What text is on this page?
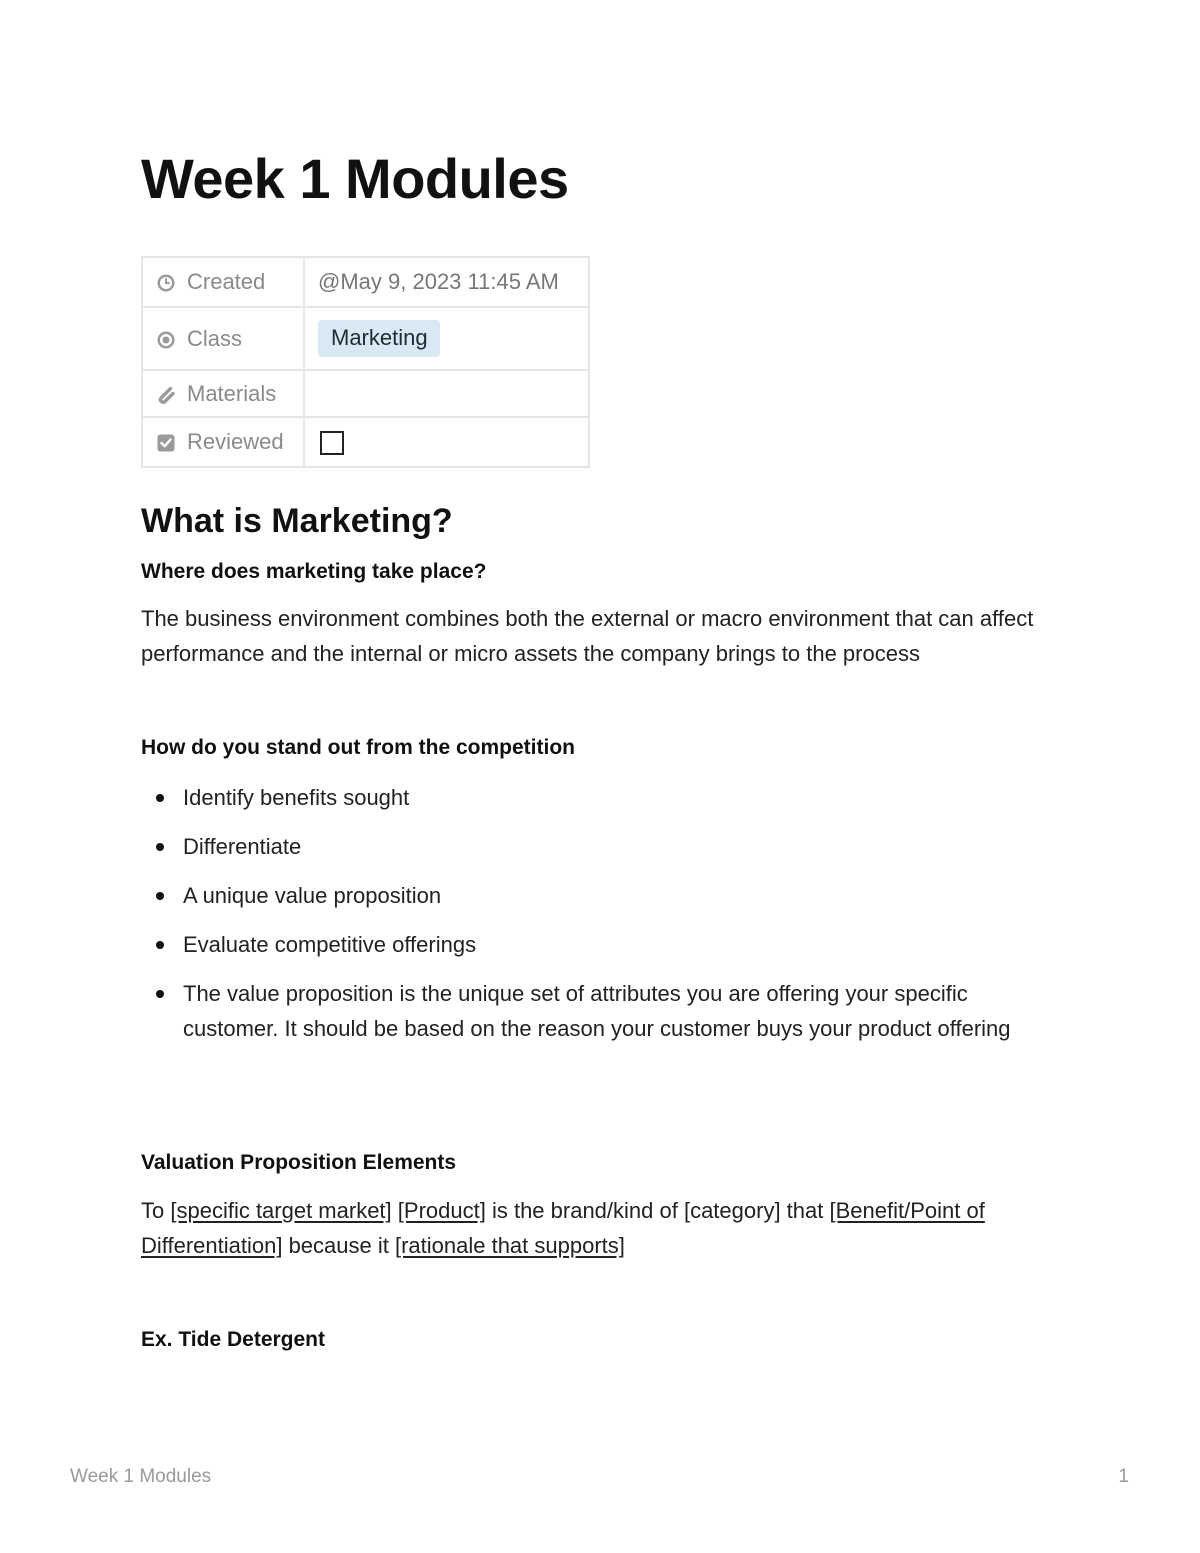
Week 1 Modules
Created	@May 9, 2023 11:45 AM
Class	Marketing
Materials	
Reviewed	
What is Marketing?
Where does marketing take place?

The business environment combines both the external or macro environment that can affect performance and the internal or micro assets the company brings to the process

How do you stand out from the competition
Identify benefits sought
Differentiate
A unique value proposition
Evaluate competitive offerings
The value proposition is the unique set of attributes you are offering your specific customer. It should be based on the reason your customer buys your product offering
Valuation Proposition Elements

To [specific target market] [Product] is the brand/kind of [category] that [Benefit/Point of Differentiation] because it [rationale that supports]

Ex. Tide Detergent
Week 1 Modules	1
